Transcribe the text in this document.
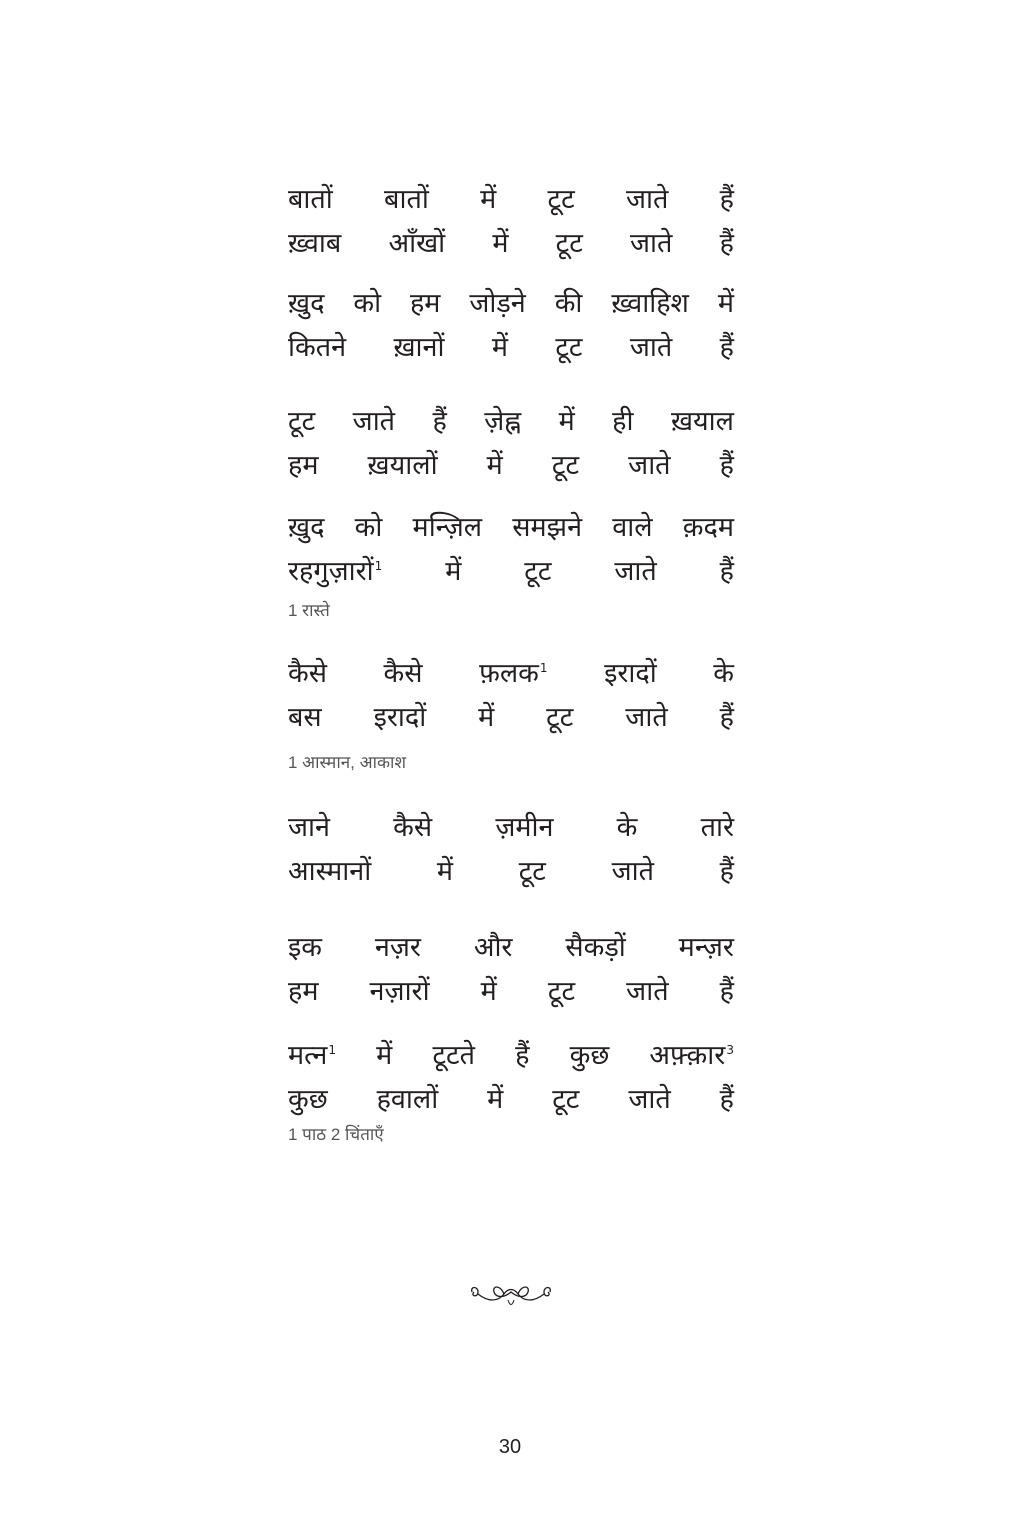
बातों बातों में टूट जाते हैं
ख़्वाब आँखों में टूट जाते हैं
ख़ुद को हम जोड़ने की ख़्वाहिश में
कितने ख़ानों में टूट जाते हैं
टूट जाते हैं ज़ेह्न में ही ख़याल
हम ख़यालों में टूट जाते हैं
ख़ुद को मन्ज़िल समझने वाले क़दम
रहगुज़ारों$^1$ में टूट जाते हैं
1 रास्ते
कैसे कैसे फ़लक$^1$ इरादों के
बस इरादों में टूट जाते हैं
1 आस्मान, आकाश
जाने कैसे ज़मीन के तारे
आस्मानों में टूट जाते हैं
इक नज़र और सैकड़ों मन्ज़र
हम नज़ारों में टूट जाते हैं
मत्न$^1$ में टूटते हैं कुछ अफ़्क़ार$^3$
कुछ हवालों में टूट जाते हैं
1 पाठ 2 चिंताएँ
30
